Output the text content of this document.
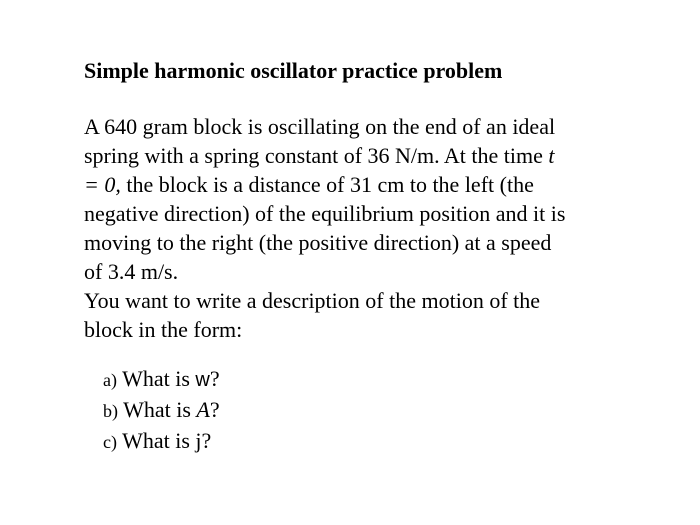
Simple harmonic oscillator practice problem
A 640 gram block is oscillating on the end of an ideal
spring with a spring constant of 36 N/m. At the time t
= 0, the block is a distance of 31 cm to the left (the
negative direction) of the equilibrium position and it is
moving to the right (the positive direction) at a speed
of 3.4 m/s.
You want to write a description of the motion of the
block in the form:
a) What is w?
b) What is A?
c) What is j?
